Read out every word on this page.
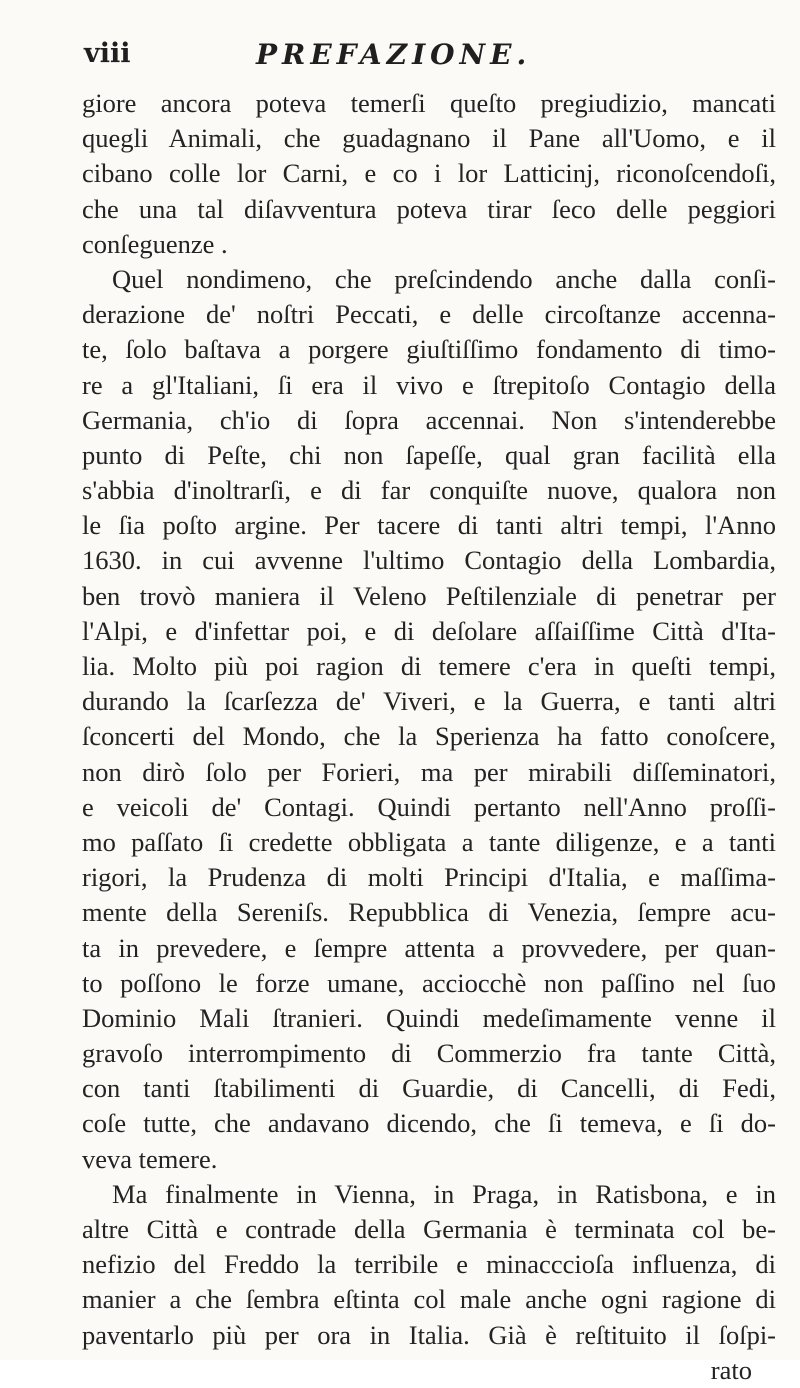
viii	PREFAZIONE.
giore ancora poteva temerſi queſto pregiudizio, mancati
quegli Animali, che guadagnano il Pane all'Uomo, e il
cibano colle lor Carni, e co i lor Latticinj, riconoſcendoſi,
che una tal diſavventura poteva tirar ſeco delle peggiori
conſeguenze .
Quel nondimeno, che preſcindendo anche dalla conſi-
derazione de' noſtri Peccati, e delle circoſtanze accenna-
te, ſolo baſtava a porgere giuſtiſſimo fondamento di timo-
re a gl'Italiani, ſi era il vivo e ſtrepitoſo Contagio della
Germania, ch'io di ſopra accennai. Non s'intenderebbe
punto di Peſte, chi non ſapeſſe, qual gran facilità ella
s'abbia d'inoltrarſi, e di far conquiſte nuove, qualora non
le ſia poſto argine. Per tacere di tanti altri tempi, l'Anno
1630. in cui avvenne l'ultimo Contagio della Lombardia,
ben trovò maniera il Veleno Peſtilenziale di penetrar per
l'Alpi, e d'infettar poi, e di deſolare aſſaiſſime Città d'Ita-
lia. Molto più poi ragion di temere c'era in queſti tempi,
durando la ſcarſezza de' Viveri, e la Guerra, e tanti altri
ſconcerti del Mondo, che la Sperienza ha fatto conoſcere,
non dirò ſolo per Forieri, ma per mirabili diſſeminatori,
e veicoli de' Contagi. Quindi pertanto nell'Anno proſſi-
mo paſſato ſi credette obbligata a tante diligenze, e a tanti
rigori, la Prudenza di molti Principi d'Italia, e maſſima-
mente della Sereniſs. Repubblica di Venezia, ſempre acu-
ta in prevedere, e ſempre attenta a provvedere, per quan-
to poſſono le forze umane, acciocchè non paſſino nel ſuo
Dominio Mali ſtranieri. Quindi medeſimamente venne il
gravoſo interrompimento di Commerzio fra tante Città,
con tanti ſtabilimenti di Guardie, di Cancelli, di Fedi,
coſe tutte, che andavano dicendo, che ſi temeva, e ſi do-
veva temere.
Ma finalmente in Vienna, in Praga, in Ratisbona, e in
altre Città e contrade della Germania è terminata col be-
nefizio del Freddo la terribile e minacccioſa influenza, di
manier a che ſembra eſtinta col male anche ogni ragione di
paventarlo più per ora in Italia. Già è reſtituito il ſoſpi-
rato
